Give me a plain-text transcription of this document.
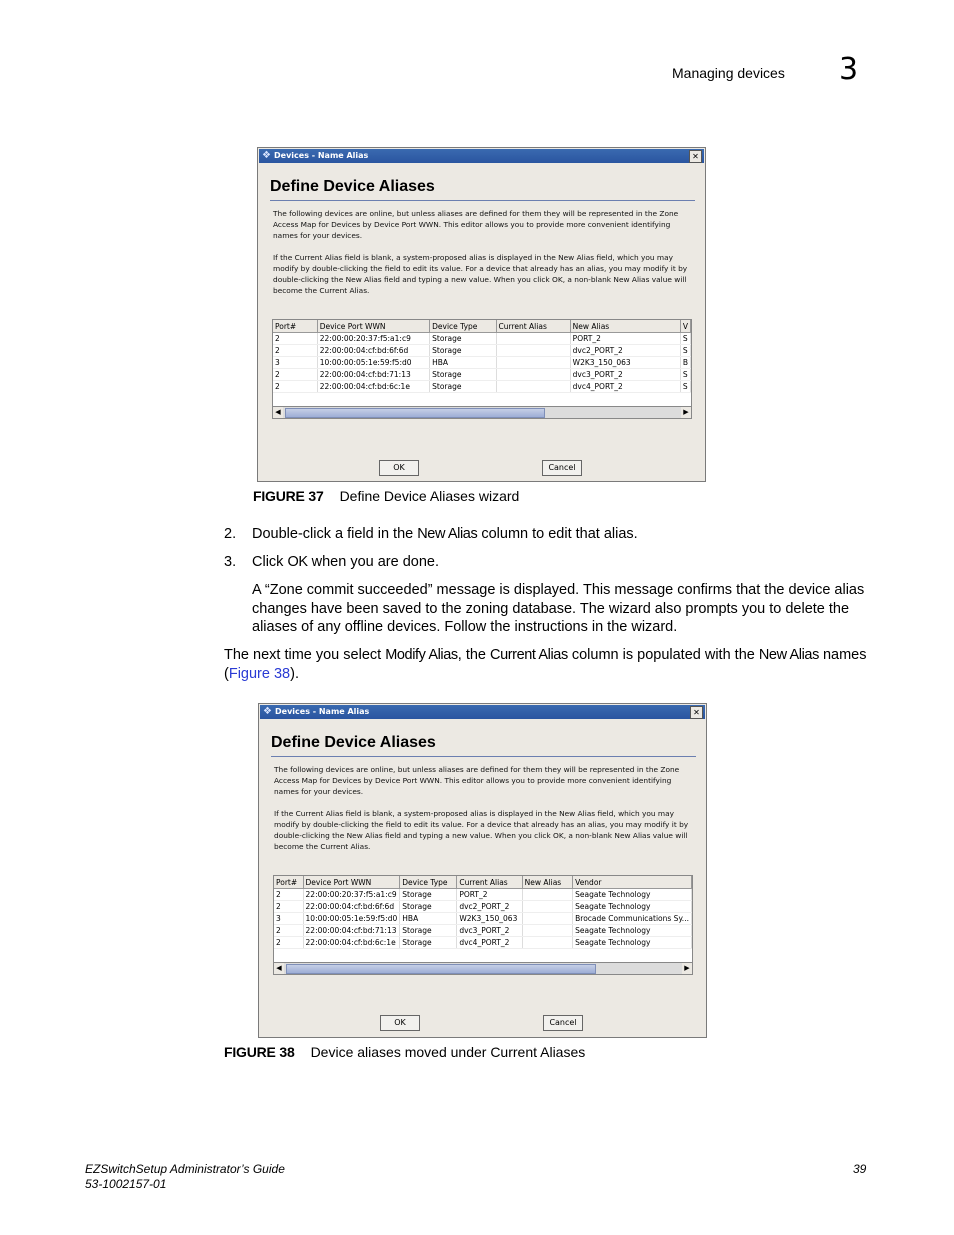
Managing devices 3
❖ Devices - Name Alias	✕
Define Device Aliases
The following devices are online, but unless aliases are defined for them they will be represented in the Zone Access Map for Devices by Device Port WWN. This editor allows you to provide more convenient identifying names for your devices.
If the Current Alias field is blank, a system-proposed alias is displayed in the New Alias field, which you may modify by double-clicking the field to edit its value. For a device that already has an alias, you may modify it by double-clicking the New Alias field and typing a new value. When you click OK, a non-blank New Alias value will become the Current Alias.
Port#	Device Port WWN	Device Type	Current Alias	New Alias	V
2	22:00:00:20:37:f5:a1:c9	Storage		PORT_2	S
2	22:00:00:04:cf:bd:6f:6d	Storage		dvc2_PORT_2	S
3	10:00:00:05:1e:59:f5:d0	HBA		W2K3_150_063	B
2	22:00:00:04:cf:bd:71:13	Storage		dvc3_PORT_2	S
2	22:00:00:04:cf:bd:6c:1e	Storage		dvc4_PORT_2	S
◀	▶
OK	Cancel
FIGURE 37 Define Device Aliases wizard
2. Double-click a field in the New Alias column to edit that alias.
3. Click OK when you are done.
A “Zone commit succeeded” message is displayed. This message confirms that the device alias changes have been saved to the zoning database. The wizard also prompts you to delete the aliases of any offline devices. Follow the instructions in the wizard.
The next time you select Modify Alias, the Current Alias column is populated with the New Alias names (Figure 38).
❖ Devices - Name Alias	✕
Define Device Aliases
The following devices are online, but unless aliases are defined for them they will be represented in the Zone Access Map for Devices by Device Port WWN. This editor allows you to provide more convenient identifying names for your devices.
If the Current Alias field is blank, a system-proposed alias is displayed in the New Alias field, which you may modify by double-clicking the field to edit its value. For a device that already has an alias, you may modify it by double-clicking the New Alias field and typing a new value. When you click OK, a non-blank New Alias value will become the Current Alias.
Port#	Device Port WWN	Device Type	Current Alias	New Alias	Vendor
2	22:00:00:20:37:f5:a1:c9	Storage	PORT_2		Seagate Technology
2	22:00:00:04:cf:bd:6f:6d	Storage	dvc2_PORT_2		Seagate Technology
3	10:00:00:05:1e:59:f5:d0	HBA	W2K3_150_063		Brocade Communications Sy...
2	22:00:00:04:cf:bd:71:13	Storage	dvc3_PORT_2		Seagate Technology
2	22:00:00:04:cf:bd:6c:1e	Storage	dvc4_PORT_2		Seagate Technology
◀	▶
OK	Cancel
FIGURE 38 Device aliases moved under Current Aliases
EZSwitchSetup Administrator’s Guide
53-1002157-01
39
